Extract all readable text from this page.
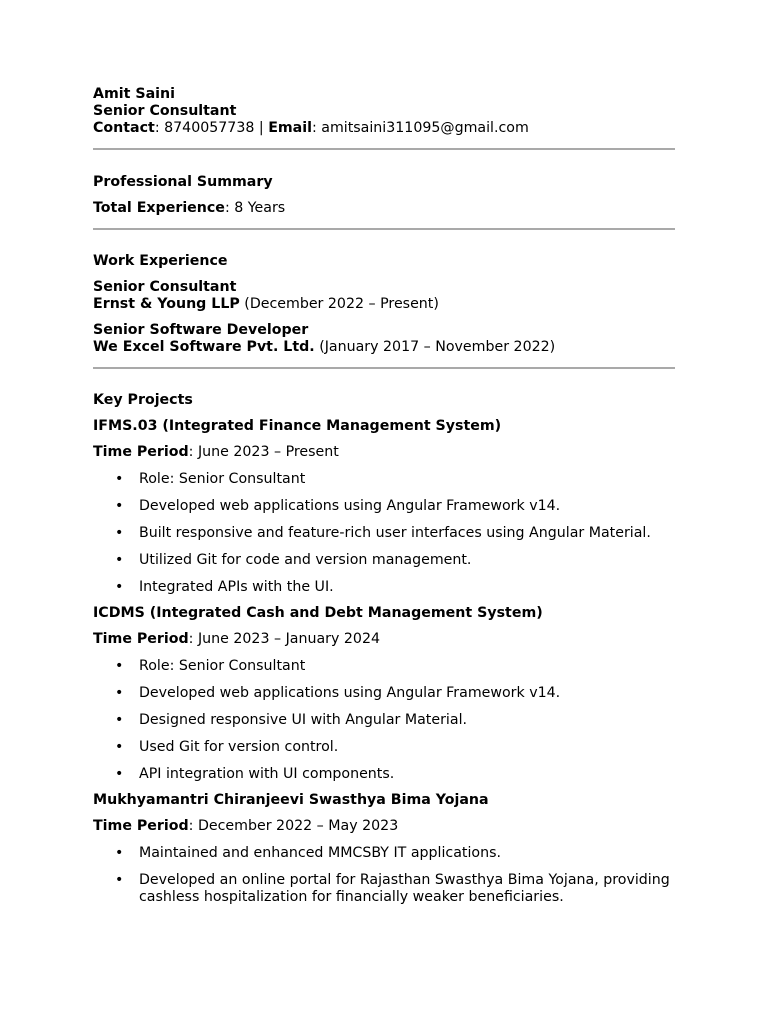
Amit Saini
Senior Consultant
Contact: 8740057738 | Email: amitsaini311095@gmail.com
Professional Summary
Total Experience: 8 Years
Work Experience
Senior Consultant
Ernst & Young LLP (December 2022 – Present)
Senior Software Developer
We Excel Software Pvt. Ltd. (January 2017 – November 2022)
Key Projects
IFMS.03 (Integrated Finance Management System)
Time Period: June 2023 – Present
• Role: Senior Consultant
• Developed web applications using Angular Framework v14.
• Built responsive and feature-rich user interfaces using Angular Material.
• Utilized Git for code and version management.
• Integrated APIs with the UI.
ICDMS (Integrated Cash and Debt Management System)
Time Period: June 2023 – January 2024
• Role: Senior Consultant
• Developed web applications using Angular Framework v14.
• Designed responsive UI with Angular Material.
• Used Git for version control.
• API integration with UI components.
Mukhyamantri Chiranjeevi Swasthya Bima Yojana
Time Period: December 2022 – May 2023
• Maintained and enhanced MMCSBY IT applications.
• Developed an online portal for Rajasthan Swasthya Bima Yojana, providing cashless hospitalization for financially weaker beneficiaries.
